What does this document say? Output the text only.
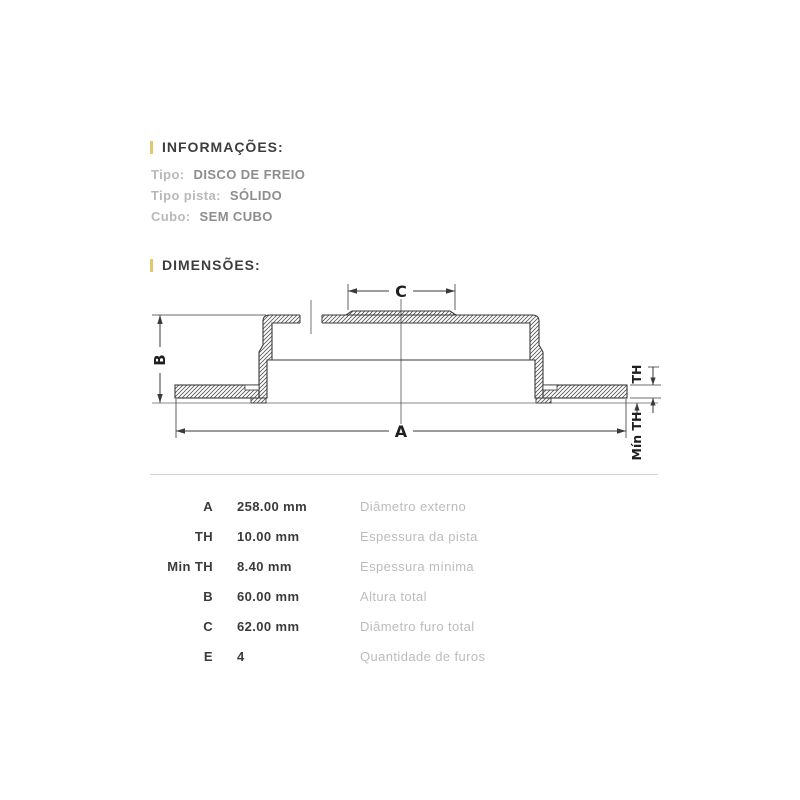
INFORMAÇÕES:
Tipo: DISCO DE FREIO
Tipo pista: SÓLIDO
Cubo: SEM CUBO
DIMENSÕES:
C
B
A
TH
Mín TH
A 258.00 mm	Diâmetro externo
TH 10.00 mm	Espessura da pista
Min TH 8.40 mm	Espessura mínima
B 60.00 mm	Altura total
C 62.00 mm	Diâmetro furo total
E 4	Quantidade de furos
